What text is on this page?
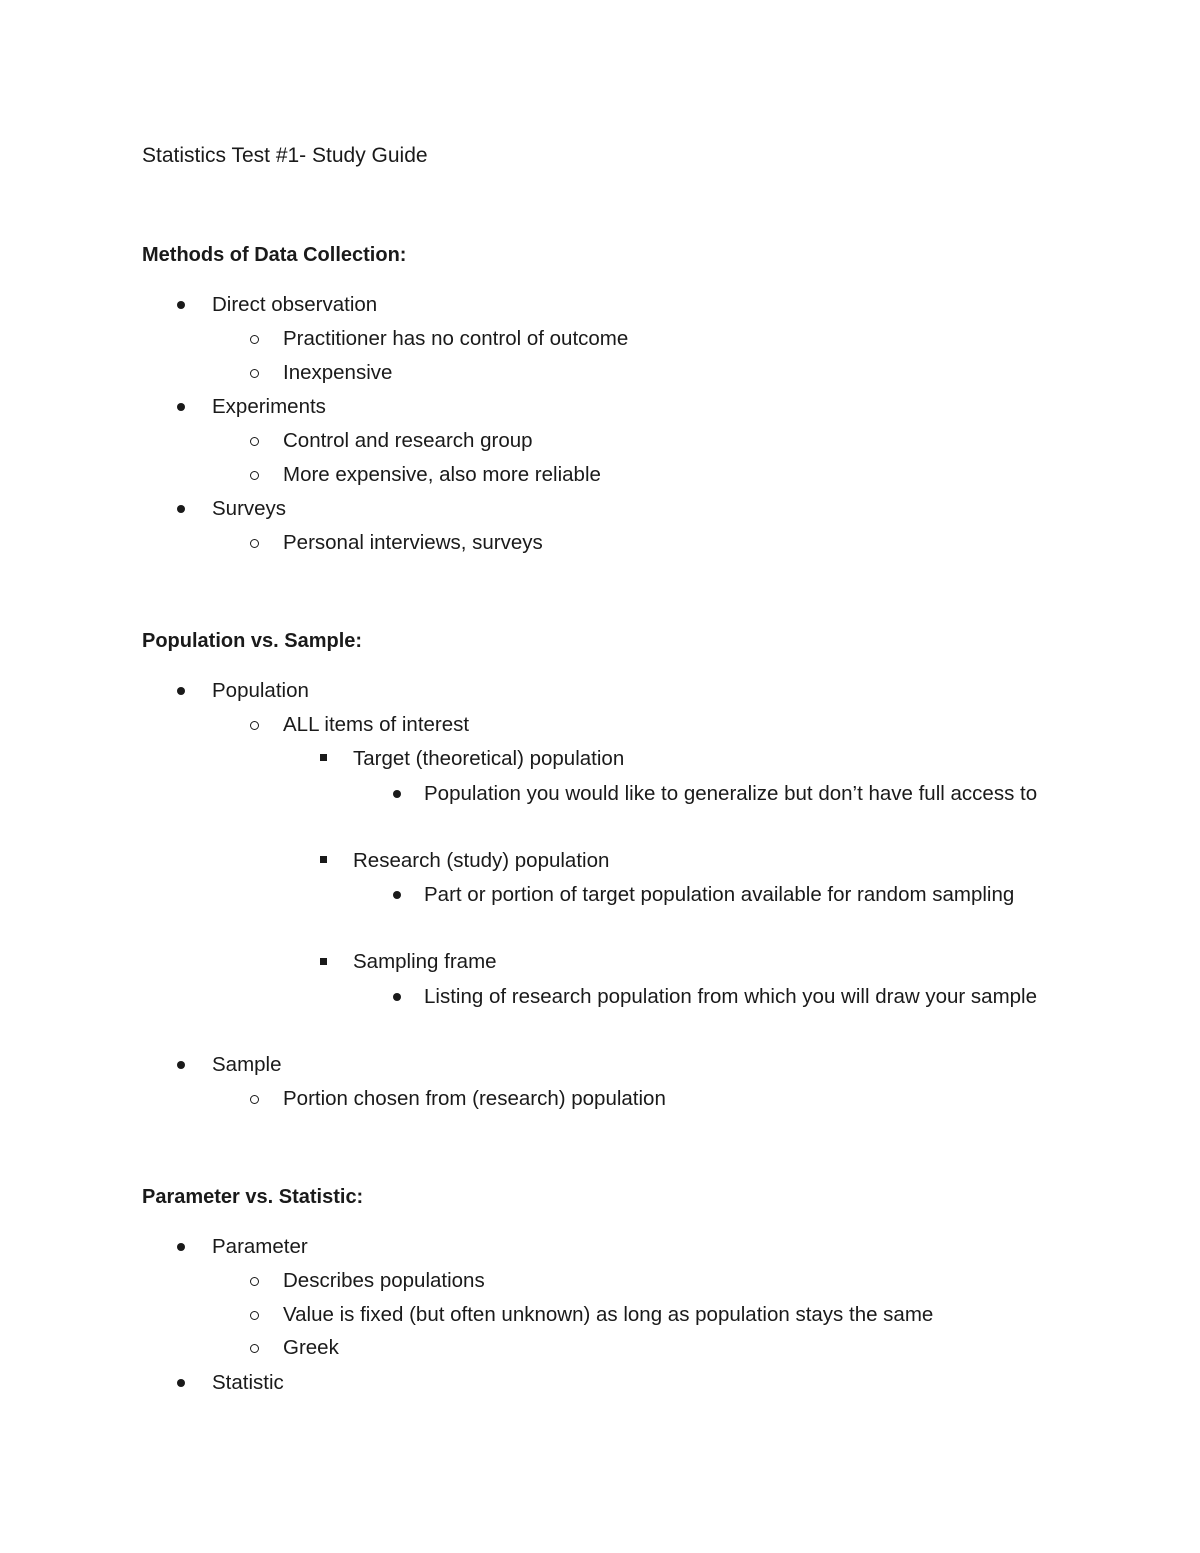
Statistics Test #1- Study Guide
Methods of Data Collection:
Direct observation
Practitioner has no control of outcome
Inexpensive
Experiments
Control and research group
More expensive, also more reliable
Surveys
Personal interviews, surveys
Population vs. Sample:
Population
ALL items of interest
Target (theoretical) population
Population you would like to generalize but don’t have full access to
Research (study) population
Part or portion of target population available for random sampling
Sampling frame
Listing of research population from which you will draw your sample
Sample
Portion chosen from (research) population
Parameter vs. Statistic:
Parameter
Describes populations
Value is fixed (but often unknown) as long as population stays the same
Greek
Statistic
